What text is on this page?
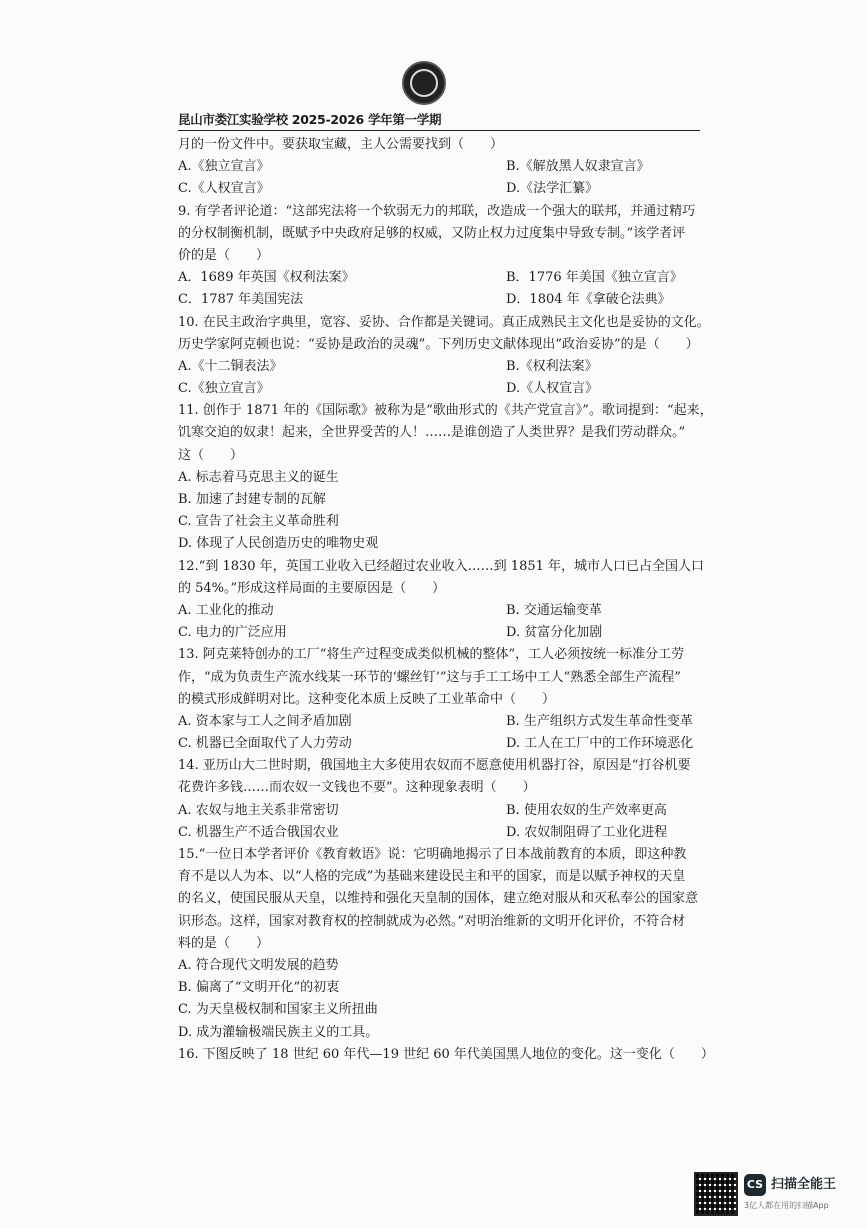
昆山市娄江实验学校 2025-2026 学年第一学期
月的一份文件中。要获取宝藏，主人公需要找到（　　）
A.《独立宣言》	B.《解放黑人奴隶宣言》
C.《人权宣言》	D.《法学汇纂》
9. 有学者评论道：“这部宪法将一个软弱无力的邦联，改造成一个强大的联邦，并通过精巧
的分权制衡机制，既赋予中央政府足够的权威，又防止权力过度集中导致专制。”该学者评
价的是（　　）
A．1689 年英国《权利法案》	B．1776 年美国《独立宣言》
C．1787 年美国宪法	D．1804 年《拿破仑法典》
10. 在民主政治字典里，宽容、妥协、合作都是关键词。真正成熟民主文化也是妥协的文化。
历史学家阿克顿也说：“妥协是政治的灵魂”。下列历史文献体现出“政治妥协”的是（　　）
A.《十二铜表法》	B.《权利法案》
C.《独立宣言》	D.《人权宣言》
11. 创作于 1871 年的《国际歌》被称为是“歌曲形式的《共产党宣言》”。歌词提到：“起来，
饥寒交迫的奴隶！起来，全世界受苦的人！……是谁创造了人类世界？是我们劳动群众。”
这（　　）
A. 标志着马克思主义的诞生
B. 加速了封建专制的瓦解
C. 宣告了社会主义革命胜利
D. 体现了人民创造历史的唯物史观
12.“到 1830 年，英国工业收入已经超过农业收入……到 1851 年，城市人口已占全国人口
的 54%。”形成这样局面的主要原因是（　　）
A. 工业化的推动	B. 交通运输变革
C. 电力的广泛应用	D. 贫富分化加剧
13. 阿克莱特创办的工厂“将生产过程变成类似机械的整体”，工人必须按统一标准分工劳
作，“成为负责生产流水线某一环节的‘螺丝钉’”这与手工工场中工人“熟悉全部生产流程”
的模式形成鲜明对比。这种变化本质上反映了工业革命中（　　）
A. 资本家与工人之间矛盾加剧	B. 生产组织方式发生革命性变革
C. 机器已全面取代了人力劳动	D. 工人在工厂中的工作环境恶化
14. 亚历山大二世时期，俄国地主大多使用农奴而不愿意使用机器打谷，原因是“打谷机要
花费许多钱……而农奴一文钱也不要”。这种现象表明（　　）
A. 农奴与地主关系非常密切	B. 使用农奴的生产效率更高
C. 机器生产不适合俄国农业	D. 农奴制阻碍了工业化进程
15.“一位日本学者评价《教育敕语》说：它明确地揭示了日本战前教育的本质，即这种教
育不是以人为本、以“人格的完成”为基础来建设民主和平的国家，而是以赋予神权的天皇
的名义，使国民服从天皇，以维持和强化天皇制的国体，建立绝对服从和灭私奉公的国家意
识形态。这样，国家对教育权的控制就成为必然。”对明治维新的文明开化评价，不符合材
料的是（　　）
A. 符合现代文明发展的趋势
B. 偏离了“文明开化”的初衷
C. 为天皇极权制和国家主义所扭曲
D. 成为灌输极端民族主义的工具。
16. 下图反映了 18 世纪 60 年代—19 世纪 60 年代美国黑人地位的变化。这一变化（　　）
CS 扫描全能王
3亿人都在用的扫描App
